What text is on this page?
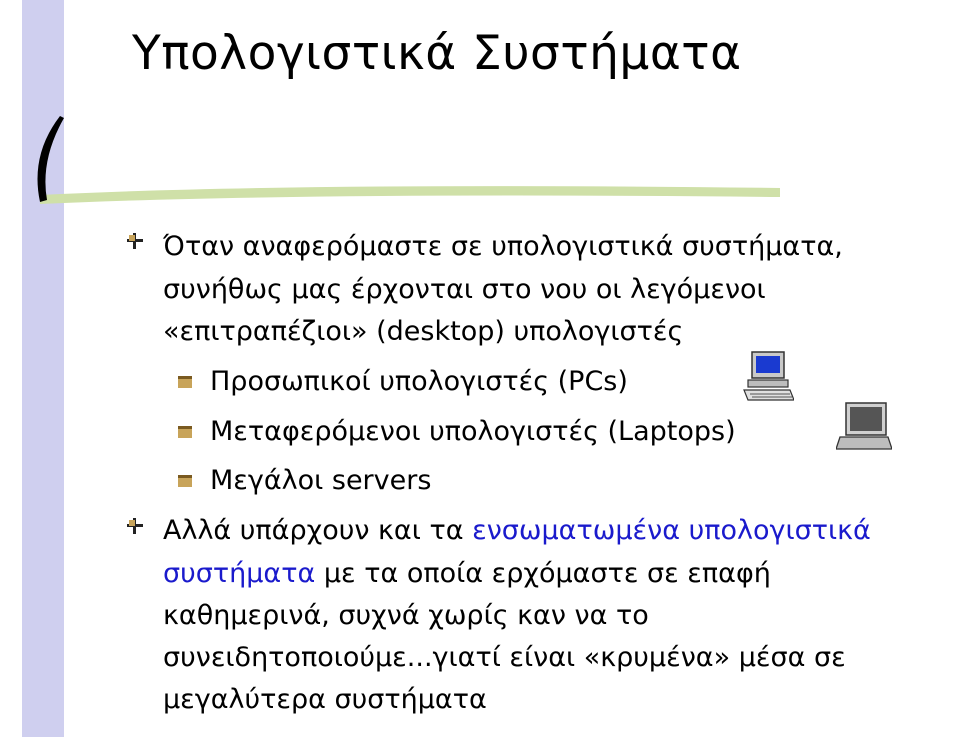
Υπολογιστικά Συστήματα
Όταν αναφερόμαστε σε υπολογιστικά συστήματα,
συνήθως μας έρχονται στο νου οι λεγόμενοι
«επιτραπέζιοι» (desktop) υπολογιστές
Προσωπικοί υπολογιστές (PCs)
Μεταφερόμενοι υπολογιστές (Laptops)
Μεγάλοι servers
Αλλά υπάρχουν και τα ενσωματωμένα υπολογιστικά
συστήματα με τα οποία ερχόμαστε σε επαφή
καθημερινά, συχνά χωρίς καν να το
συνειδητοποιούμε...γιατί είναι «κρυμένα» μέσα σε
μεγαλύτερα συστήματα
